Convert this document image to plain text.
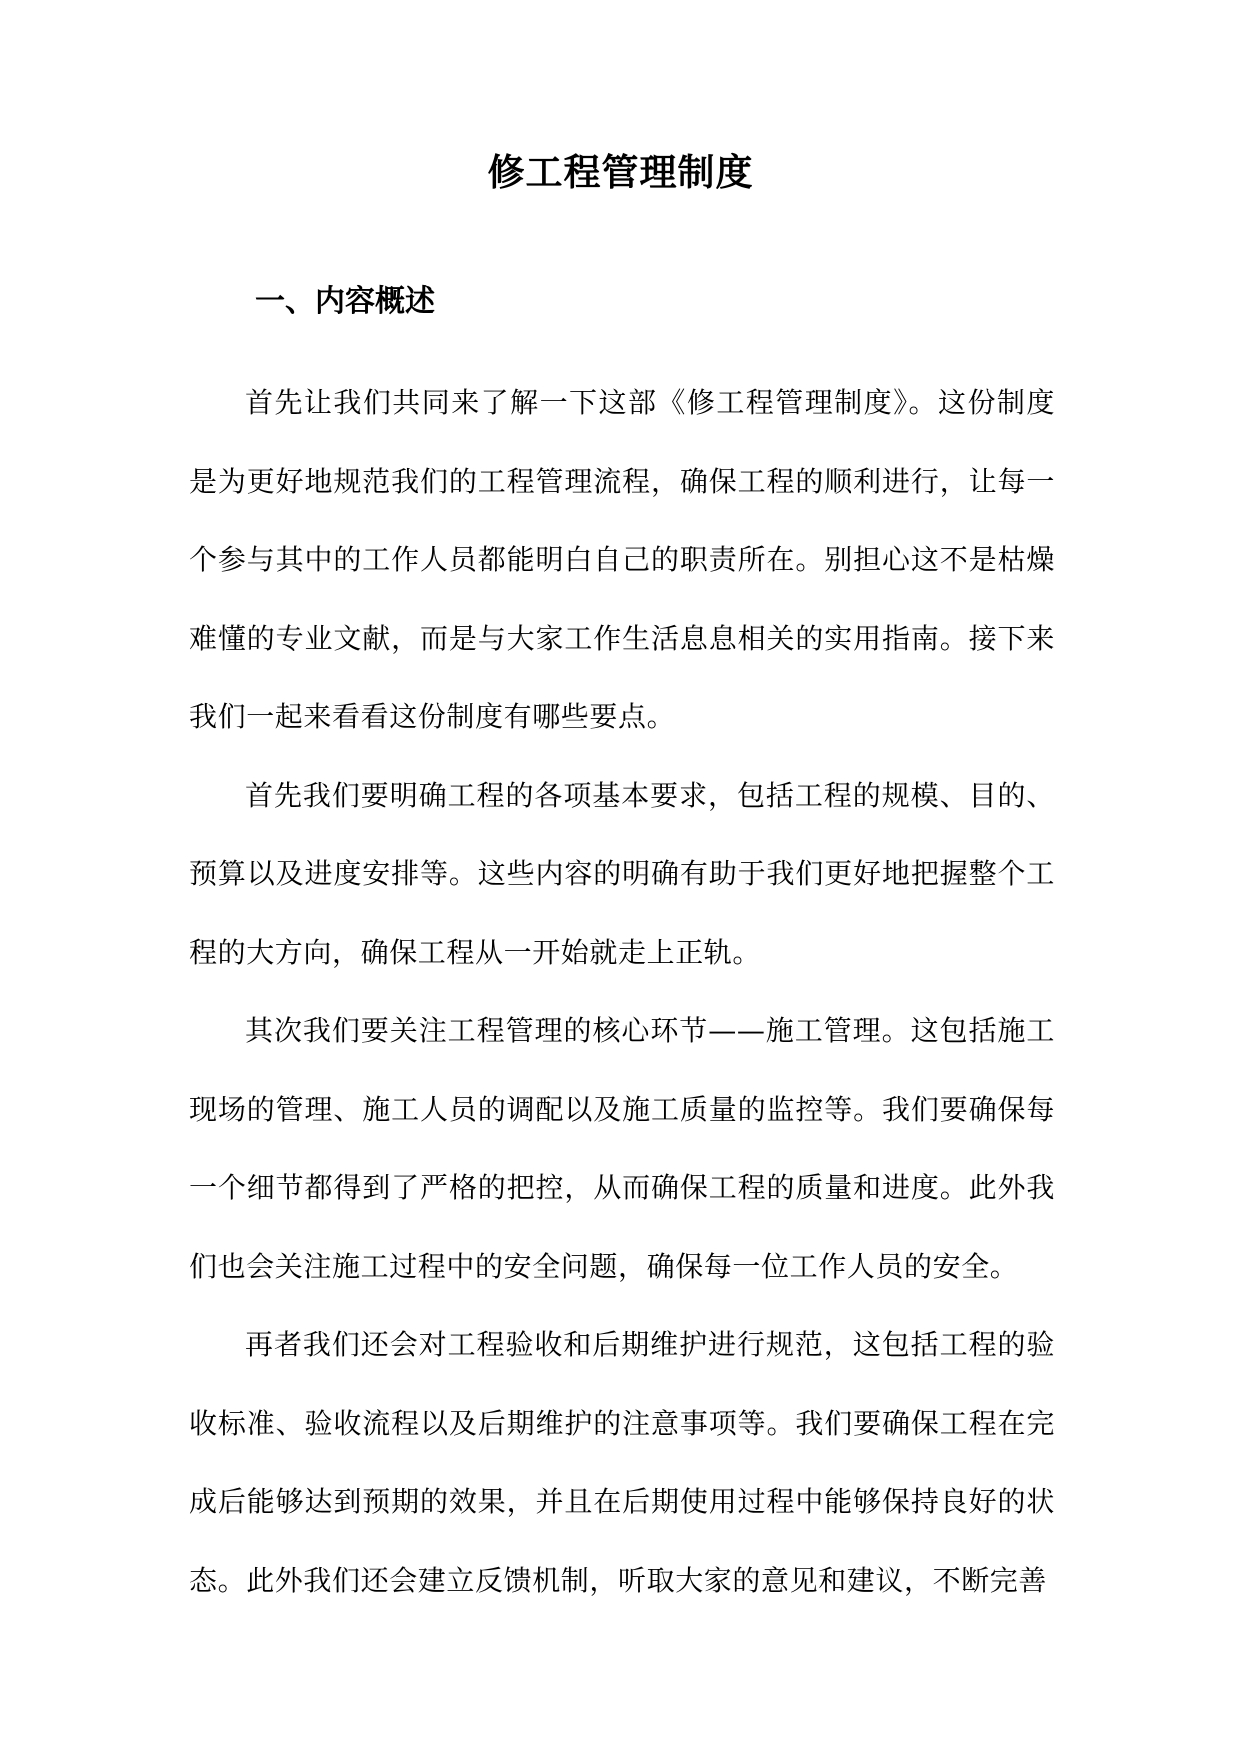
修工程管理制度
一、内容概述

首先让我们共同来了解一下这部《修工程管理制度》。这份制度是为更好地规范我们的工程管理流程，确保工程的顺利进行，让每一个参与其中的工作人员都能明白自己的职责所在。别担心这不是枯燥难懂的专业文献，而是与大家工作生活息息相关的实用指南。接下来我们一起来看看这份制度有哪些要点。

首先我们要明确工程的各项基本要求，包括工程的规模、目的、预算以及进度安排等。这些内容的明确有助于我们更好地把握整个工程的大方向，确保工程从一开始就走上正轨。

其次我们要关注工程管理的核心环节——施工管理。这包括施工现场的管理、施工人员的调配以及施工质量的监控等。我们要确保每一个细节都得到了严格的把控，从而确保工程的质量和进度。此外我们也会关注施工过程中的安全问题，确保每一位工作人员的安全。

再者我们还会对工程验收和后期维护进行规范，这包括工程的验收标准、验收流程以及后期维护的注意事项等。我们要确保工程在完成后能够达到预期的效果，并且在后期使用过程中能够保持良好的状态。此外我们还会建立反馈机制，听取大家的意见和建议，不断完善
